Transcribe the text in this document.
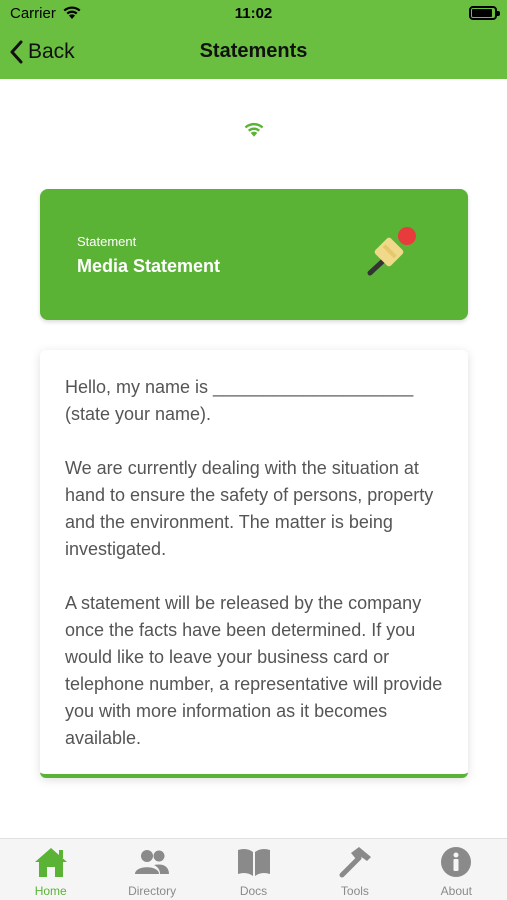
Carrier	11:02
Back	Statements
Statement
Media Statement

Hello, my name is ____________________ (state your name).

We are currently dealing with the situation at hand to ensure the safety of persons, property and the environment. The matter is being investigated.

A statement will be released by the company once the facts have been determined. If you would like to leave your business card or telephone number, a representative will provide you with more information as it becomes available.

Home	Directory	Docs	Tools	About
